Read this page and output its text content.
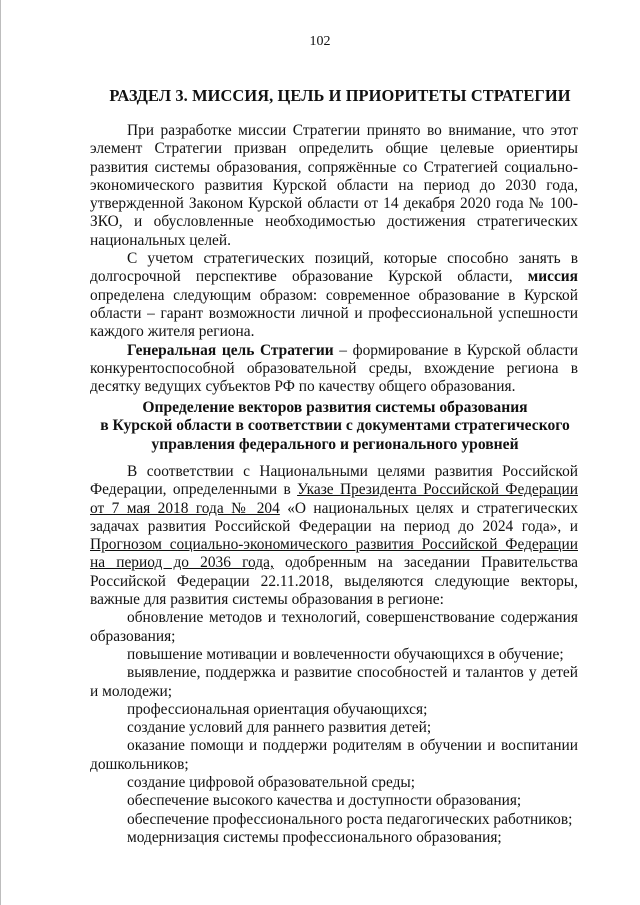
102
РАЗДЕЛ 3. МИССИЯ, ЦЕЛЬ И ПРИОРИТЕТЫ СТРАТЕГИИ

При разработке миссии Стратегии принято во внимание, что этот элемент Стратегии призван определить общие целевые ориентиры развития системы образования, сопряжённые со Стратегией социально-экономического развития Курской области на период до 2030 года, утвержденной Законом Курской области от 14 декабря 2020 года № 100-ЗКО, и обусловленные необходимостью достижения стратегических национальных целей.

С учетом стратегических позиций, которые способно занять в долгосрочной перспективе образование Курской области, миссия определена следующим образом: современное образование в Курской области – гарант возможности личной и профессиональной успешности каждого жителя региона.

Генеральная цель Стратегии – формирование в Курской области конкурентоспособной образовательной среды, вхождение региона в десятку ведущих субъектов РФ по качеству общего образования.

Определение векторов развития системы образования
в Курской области в соответствии с документами стратегического
управления федерального и регионального уровней

В соответствии с Национальными целями развития Российской Федерации, определенными в Указе Президента Российской Федерации от 7 мая 2018 года № 204 «О национальных целях и стратегических задачах развития Российской Федерации на период до 2024 года», и Прогнозом социально-экономического развития Российской Федерации на период до 2036 года, одобренным на заседании Правительства Российской Федерации 22.11.2018, выделяются следующие векторы, важные для развития системы образования в регионе:

обновление методов и технологий, совершенствование содержания образования;
повышение мотивации и вовлеченности обучающихся в обучение;
выявление, поддержка и развитие способностей и талантов у детей и молодежи;
профессиональная ориентация обучающихся;
создание условий для раннего развития детей;
оказание помощи и поддержи родителям в обучении и воспитании дошкольников;
создание цифровой образовательной среды;
обеспечение высокого качества и доступности образования;
обеспечение профессионального роста педагогических работников;
модернизация системы профессионального образования;
